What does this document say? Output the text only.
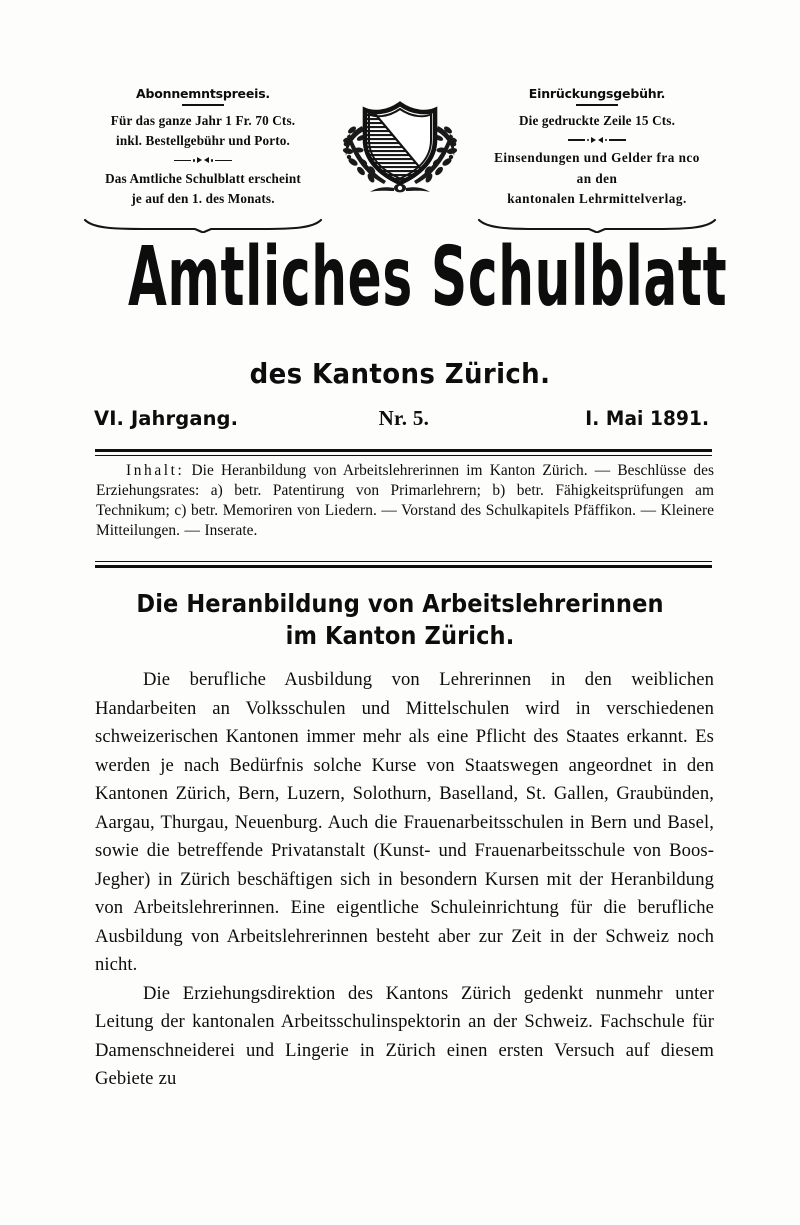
Abonnemntspreeis.
Für das ganze Jahr 1 Fr. 70 Cts.
inkl. Bestellgebühr und Porto.
Das Amtliche Schulblatt erscheint
je auf den 1. des Monats.
Einrückungsgebühr.
Die gedruckte Zeile 15 Cts.
Einsendungen und Gelder fra nco
an den
kantonalen Lehrmittelverlag.
Amtliches Schulblatt
des Kantons Zürich.
VI. Jahrgang.	Nr. 5.	I. Mai 1891.
Inhalt: Die Heranbildung von Arbeitslehrerinnen im Kanton Zürich. — Beschlüsse des Erziehungsrates: a) betr. Patentirung von Primarlehrern; b) betr. Fähigkeitsprüfungen am Technikum; c) betr. Memoriren von Liedern. — Vorstand des Schulkapitels Pfäffikon. — Kleinere Mitteilungen. — Inserate.
Die Heranbildung von Arbeitslehrerinnen
im Kanton Zürich.

Die berufliche Ausbildung von Lehrerinnen in den weiblichen Handarbeiten an Volksschulen und Mittelschulen wird in verschiedenen schweizerischen Kantonen immer mehr als eine Pflicht des Staates erkannt. Es werden je nach Bedürfnis solche Kurse von Staatswegen angeordnet in den Kantonen Zürich, Bern, Luzern, Solothurn, Baselland, St. Gallen, Graubünden, Aargau, Thurgau, Neuenburg. Auch die Frauenarbeitsschulen in Bern und Basel, sowie die betreffende Privatanstalt (Kunst- und Frauenarbeitsschule von Boos-Jegher) in Zürich beschäftigen sich in besondern Kursen mit der Heranbildung von Arbeitslehrerinnen. Eine eigentliche Schuleinrichtung für die berufliche Ausbildung von Arbeitslehrerinnen besteht aber zur Zeit in der Schweiz noch nicht.

Die Erziehungsdirektion des Kantons Zürich gedenkt nunmehr unter Leitung der kantonalen Arbeitsschulinspektorin an der Schweiz. Fachschule für Damenschneiderei und Lingerie in Zürich einen ersten Versuch auf diesem Gebiete zu
